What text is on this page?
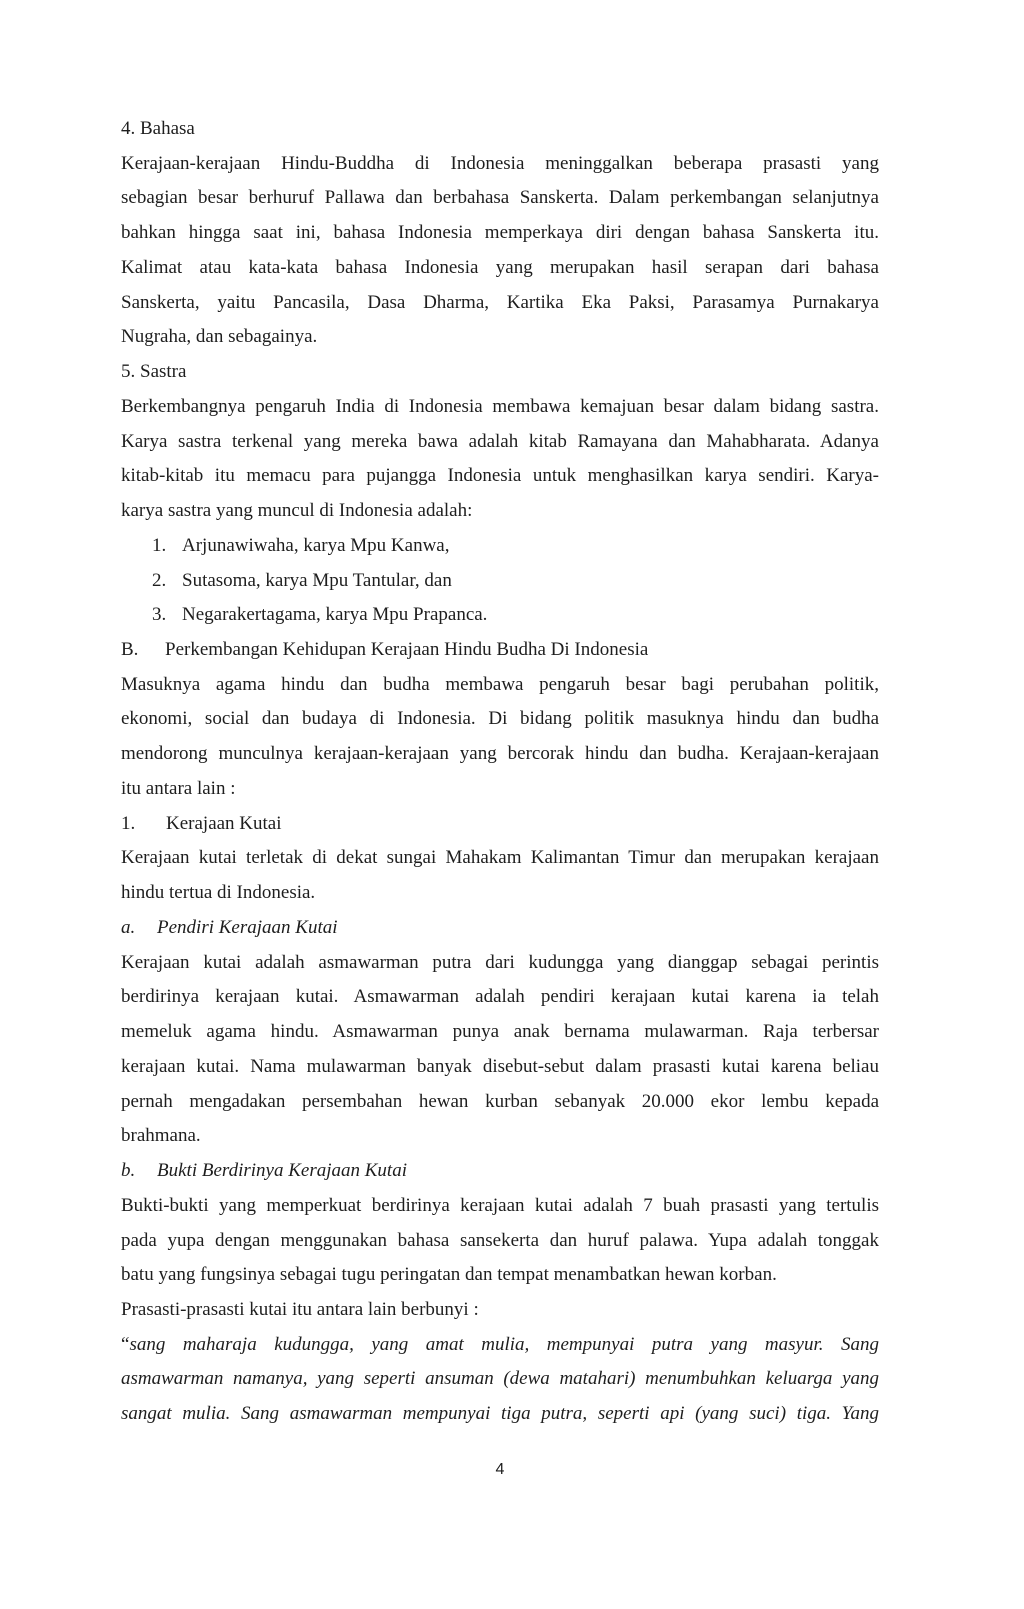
4. Bahasa
Kerajaan-kerajaan Hindu-Buddha di Indonesia meninggalkan beberapa prasasti yang
sebagian besar berhuruf Pallawa dan berbahasa Sanskerta. Dalam perkembangan selanjutnya
bahkan hingga saat ini, bahasa Indonesia memperkaya diri dengan bahasa Sanskerta itu.
Kalimat atau kata-kata bahasa Indonesia yang merupakan hasil serapan dari bahasa
Sanskerta, yaitu Pancasila, Dasa Dharma, Kartika Eka Paksi, Parasamya Purnakarya
Nugraha, dan sebagainya.
5. Sastra
Berkembangnya pengaruh India di Indonesia membawa kemajuan besar dalam bidang sastra.
Karya sastra terkenal yang mereka bawa adalah kitab Ramayana dan Mahabharata. Adanya
kitab-kitab itu memacu para pujangga Indonesia untuk menghasilkan karya sendiri. Karya-
karya sastra yang muncul di Indonesia adalah:
1. Arjunawiwaha, karya Mpu Kanwa,
2. Sutasoma, karya Mpu Tantular, dan
3. Negarakertagama, karya Mpu Prapanca.
B. Perkembangan Kehidupan Kerajaan Hindu Budha Di Indonesia
Masuknya agama hindu dan budha membawa pengaruh besar bagi perubahan politik,
ekonomi, social dan budaya di Indonesia. Di bidang politik masuknya hindu dan budha
mendorong munculnya kerajaan-kerajaan yang bercorak hindu dan budha. Kerajaan-kerajaan
itu antara lain :
1. Kerajaan Kutai
Kerajaan kutai terletak di dekat sungai Mahakam Kalimantan Timur dan merupakan kerajaan
hindu tertua di Indonesia.
a. Pendiri Kerajaan Kutai
Kerajaan kutai adalah asmawarman putra dari kudungga yang dianggap sebagai perintis
berdirinya kerajaan kutai. Asmawarman adalah pendiri kerajaan kutai karena ia telah
memeluk agama hindu. Asmawarman punya anak bernama mulawarman. Raja terbersar
kerajaan kutai. Nama mulawarman banyak disebut-sebut dalam prasasti kutai karena beliau
pernah mengadakan persembahan hewan kurban sebanyak 20.000 ekor lembu kepada
brahmana.
b. Bukti Berdirinya Kerajaan Kutai
Bukti-bukti yang memperkuat berdirinya kerajaan kutai adalah 7 buah prasasti yang tertulis
pada yupa dengan menggunakan bahasa sansekerta dan huruf palawa. Yupa adalah tonggak
batu yang fungsinya sebagai tugu peringatan dan tempat menambatkan hewan korban.
Prasasti-prasasti kutai itu antara lain berbunyi :
“sang maharaja kudungga, yang amat mulia, mempunyai putra yang masyur. Sang
asmawarman namanya, yang seperti ansuman (dewa matahari) menumbuhkan keluarga yang
sangat mulia. Sang asmawarman mempunyai tiga putra, seperti api (yang suci) tiga. Yang
4
